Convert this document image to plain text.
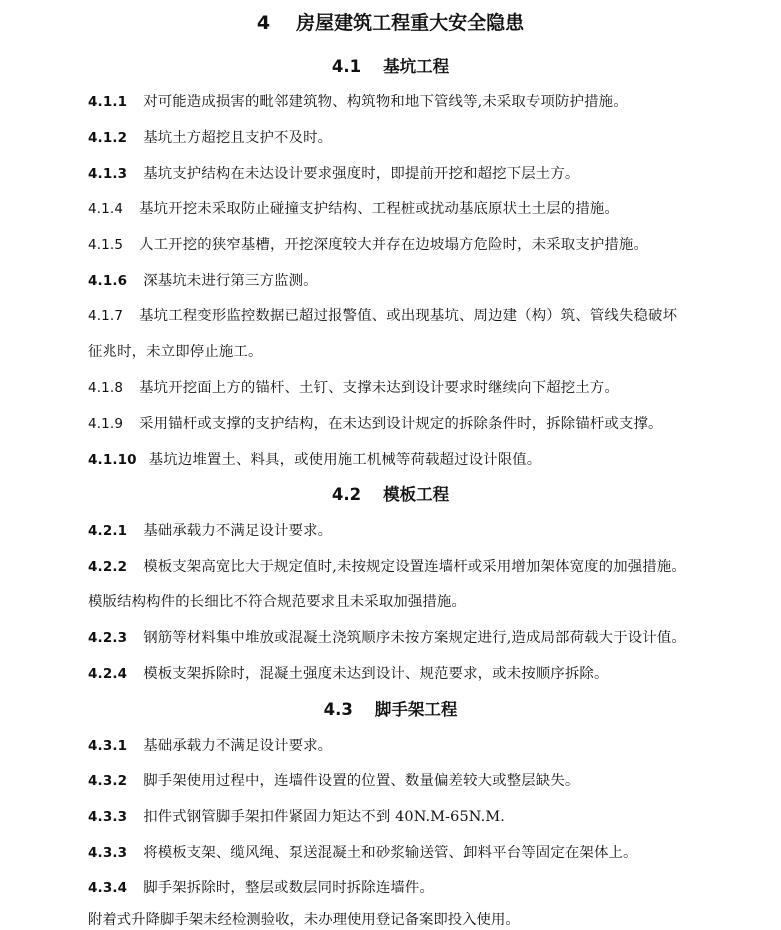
4 房屋建筑工程重大安全隐患
4.1 基坑工程
4.1.1 对可能造成损害的毗邻建筑物、构筑物和地下管线等,未采取专项防护措施。
4.1.2 基坑土方超挖且支护不及时。
4.1.3 基坑支护结构在未达设计要求强度时，即提前开挖和超挖下层土方。
4.1.4 基坑开挖未采取防止碰撞支护结构、工程桩或扰动基底原状土土层的措施。
4.1.5 人工开挖的狭窄基槽，开挖深度较大并存在边坡塌方危险时，未采取支护措施。
4.1.6 深基坑未进行第三方监测。
4.1.7 基坑工程变形监控数据已超过报警值、或出现基坑、周边建（构）筑、管线失稳破坏
征兆时，未立即停止施工。
4.1.8 基坑开挖面上方的锚杆、土钉、支撑未达到设计要求时继续向下超挖土方。
4.1.9 采用锚杆或支撑的支护结构，在未达到设计规定的拆除条件时，拆除锚杆或支撑。
4.1.10 基坑边堆置土、料具，或使用施工机械等荷载超过设计限值。
4.2 模板工程
4.2.1 基础承载力不满足设计要求。
4.2.2 模板支架高宽比大于规定值时,未按规定设置连墙杆或采用增加架体宽度的加强措施。
模版结构构件的长细比不符合规范要求且未采取加强措施。
4.2.3 钢筋等材料集中堆放或混凝土浇筑顺序未按方案规定进行,造成局部荷载大于设计值。
4.2.4 模板支架拆除时，混凝土强度未达到设计、规范要求，或未按顺序拆除。
4.3 脚手架工程
4.3.1 基础承载力不满足设计要求。
4.3.2 脚手架使用过程中，连墙件设置的位置、数量偏差较大或整层缺失。
4.3.3 扣件式钢管脚手架扣件紧固力矩达不到 40N.M-65N.M.
4.3.3 将模板支架、缆风绳、泵送混凝土和砂浆输送管、卸料平台等固定在架体上。
4.3.4 脚手架拆除时，整层或数层同时拆除连墙件。
附着式升降脚手架未经检测验收，未办理使用登记备案即投入使用。
